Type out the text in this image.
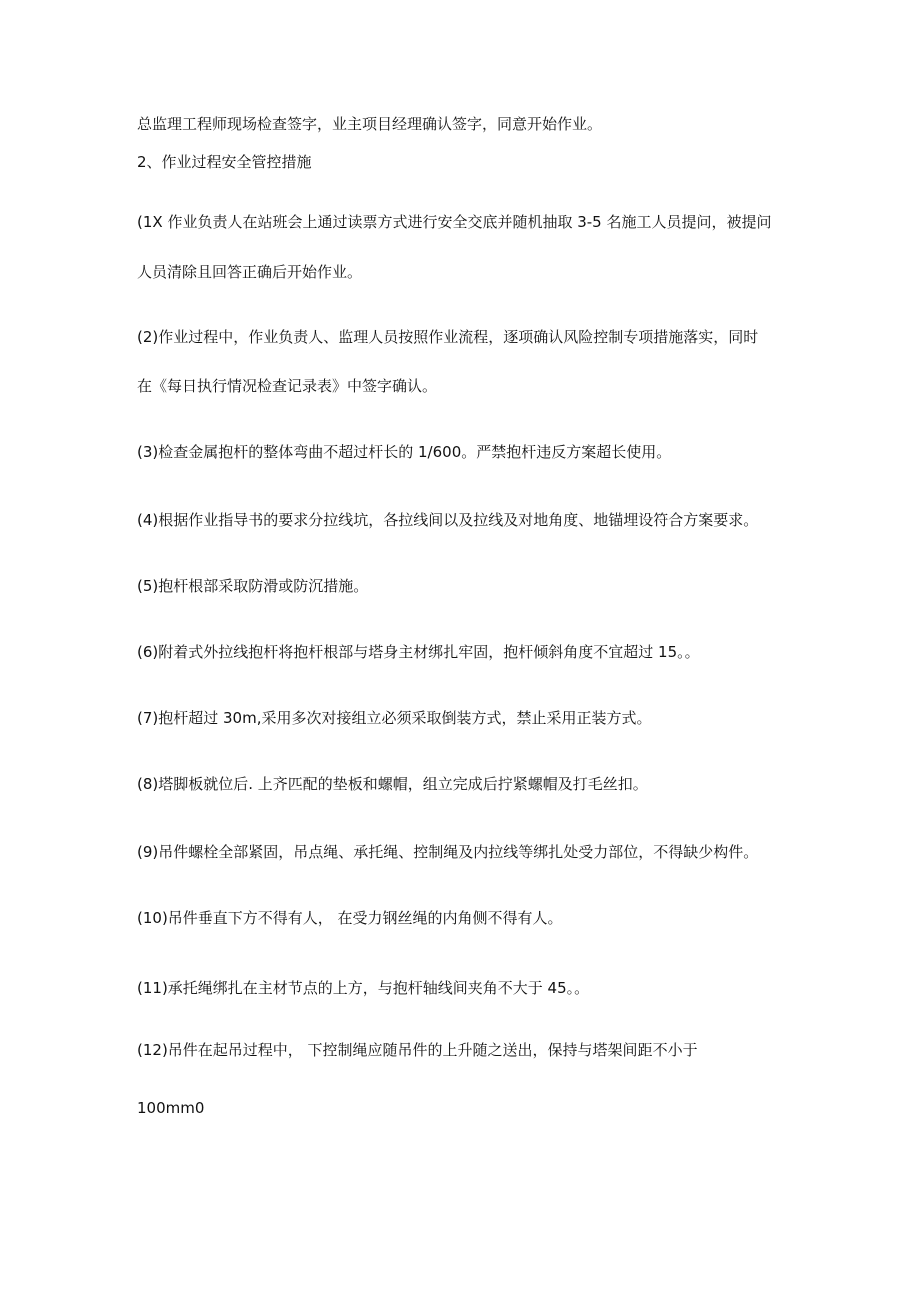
总监理工程师现场检查签字，业主项目经理确认签字，同意开始作业。

2、作业过程安全管控措施

(1X 作业负责人在站班会上通过读票方式进行安全交底并随机抽取 3-5 名施工人员提问，被提问

人员清除且回答正确后开始作业。

(2)作业过程中，作业负责人、监理人员按照作业流程，逐项确认风险控制专项措施落实，同时

在《每日执行情况检查记录表》中签字确认。

(3)检查金属抱杆的整体弯曲不超过杆长的 1/600。严禁抱杆违反方案超长使用。

(4)根据作业指导书的要求分拉线坑，各拉线间以及拉线及对地角度、地锚埋设符合方案要求。

(5)抱杆根部采取防滑或防沉措施。

(6)附着式外拉线抱杆将抱杆根部与塔身主材绑扎牢固，抱杆倾斜角度不宜超过 15。。

(7)抱杆超过 30m,采用多次对接组立必须采取倒装方式，禁止采用正装方式。

(8)塔脚板就位后. 上齐匹配的垫板和螺帽，组立完成后拧紧螺帽及打毛丝扣。

(9)吊件螺栓全部紧固，吊点绳、承托绳、控制绳及内拉线等绑扎处受力部位，不得缺少构件。

(10)吊件垂直下方不得有人， 在受力钢丝绳的内角侧不得有人。

(11)承托绳绑扎在主材节点的上方，与抱杆轴线间夹角不大于 45。。

(12)吊件在起吊过程中， 下控制绳应随吊件的上升随之送出，保持与塔架间距不小于

100mm0
